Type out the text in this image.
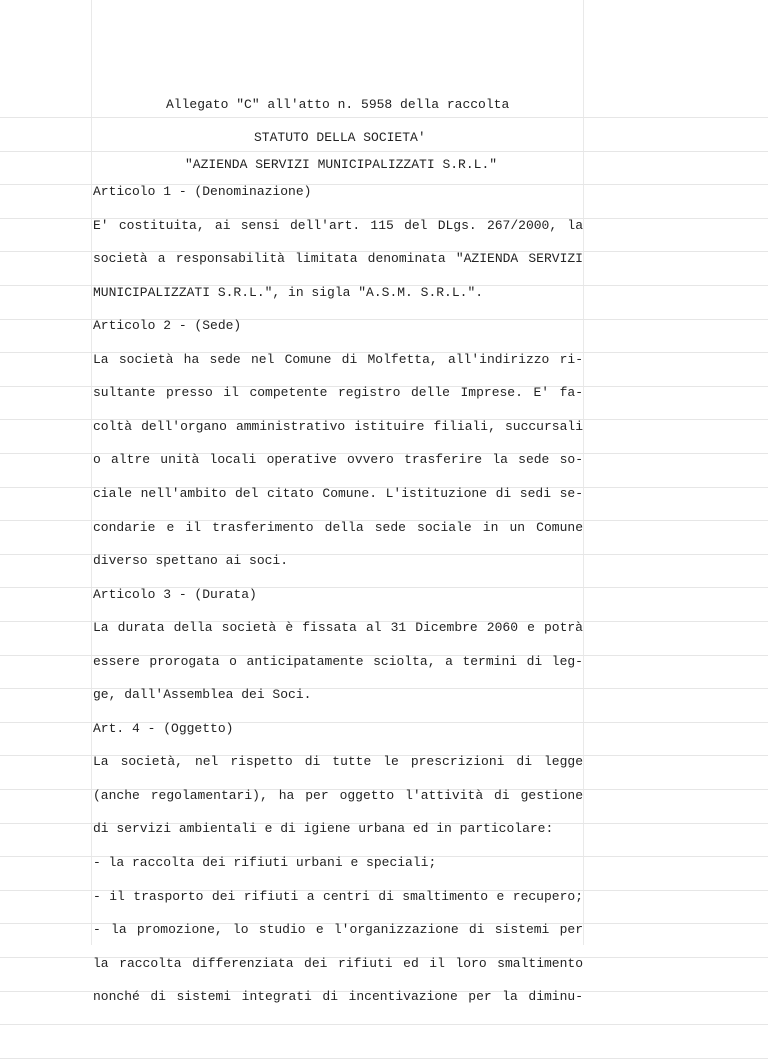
Allegato "C" all'atto n. 5958 della raccolta
STATUTO DELLA SOCIETA'
"AZIENDA SERVIZI MUNICIPALIZZATI S.R.L."
Articolo 1 - (Denominazione)
E' costituita, ai sensi dell'art. 115 del DLgs. 267/2000, la
società a responsabilità limitata denominata "AZIENDA SERVIZI
MUNICIPALIZZATI S.R.L.", in sigla "A.S.M. S.R.L.".
Articolo 2 - (Sede)
La società ha sede nel Comune di Molfetta, all'indirizzo ri-
sultante presso il competente registro delle Imprese. E' fa-
coltà dell'organo amministrativo istituire filiali, succursali
o altre unità locali operative ovvero trasferire la sede so-
ciale nell'ambito del citato Comune. L'istituzione di sedi se-
condarie e il trasferimento della sede sociale in un Comune
diverso spettano ai soci.
Articolo 3 - (Durata)
La durata della società è fissata al 31 Dicembre 2060 e potrà
essere prorogata o anticipatamente sciolta, a termini di leg-
ge, dall'Assemblea dei Soci.
Art. 4 - (Oggetto)
La società, nel rispetto di tutte le prescrizioni di legge
(anche regolamentari), ha per oggetto l'attività di gestione
di servizi ambientali e di igiene urbana ed in particolare:
- la raccolta dei rifiuti urbani e speciali;
- il trasporto dei rifiuti a centri di smaltimento e recupero;
- la promozione, lo studio e l'organizzazione di sistemi per
la raccolta differenziata dei rifiuti ed il loro smaltimento
nonché di sistemi integrati di incentivazione per la diminu-
